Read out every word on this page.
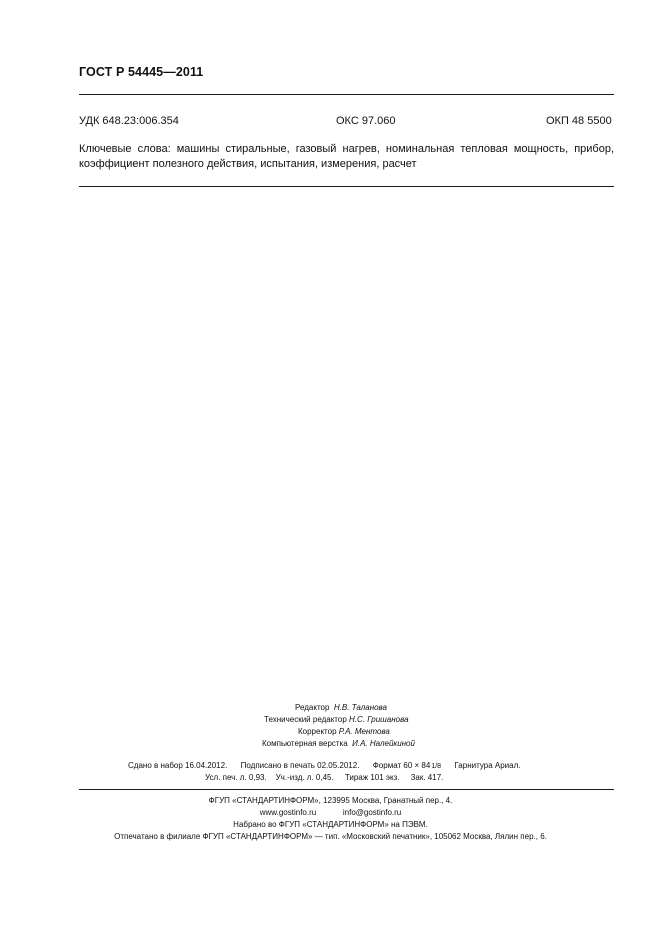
ГОСТ Р 54445—2011
УДК 648.23:006.354	ОКС 97.060	ОКП 48 5500
Ключевые слова: машины стиральные, газовый нагрев, номинальная тепловая мощность, прибор, коэффициент полезного действия, испытания, измерения, расчет
Редактор Н.В. Таланова
Технический редактор Н.С. Гришанова
Корректор Р.А. Ментова
Компьютерная верстка И.А. Налейкиной
Сдано в набор 16.04.2012. Подписано в печать 02.05.2012. Формат 60 × 841/8 Гарнитура Ариал.
Усл. печ. л. 0,93. Уч.-изд. л. 0,45. Тираж 101 экз. Зак. 417.
ФГУП «СТАНДАРТИНФОРМ», 123995 Москва, Гранатный пер., 4.
www.gostinfo.ru	info@gostinfo.ru
Набрано во ФГУП «СТАНДАРТИНФОРМ» на ПЭВМ.
Отпечатано в филиале ФГУП «СТАНДАРТИНФОРМ» — тип. «Московский печатник», 105062 Москва, Лялин пер., 6.
